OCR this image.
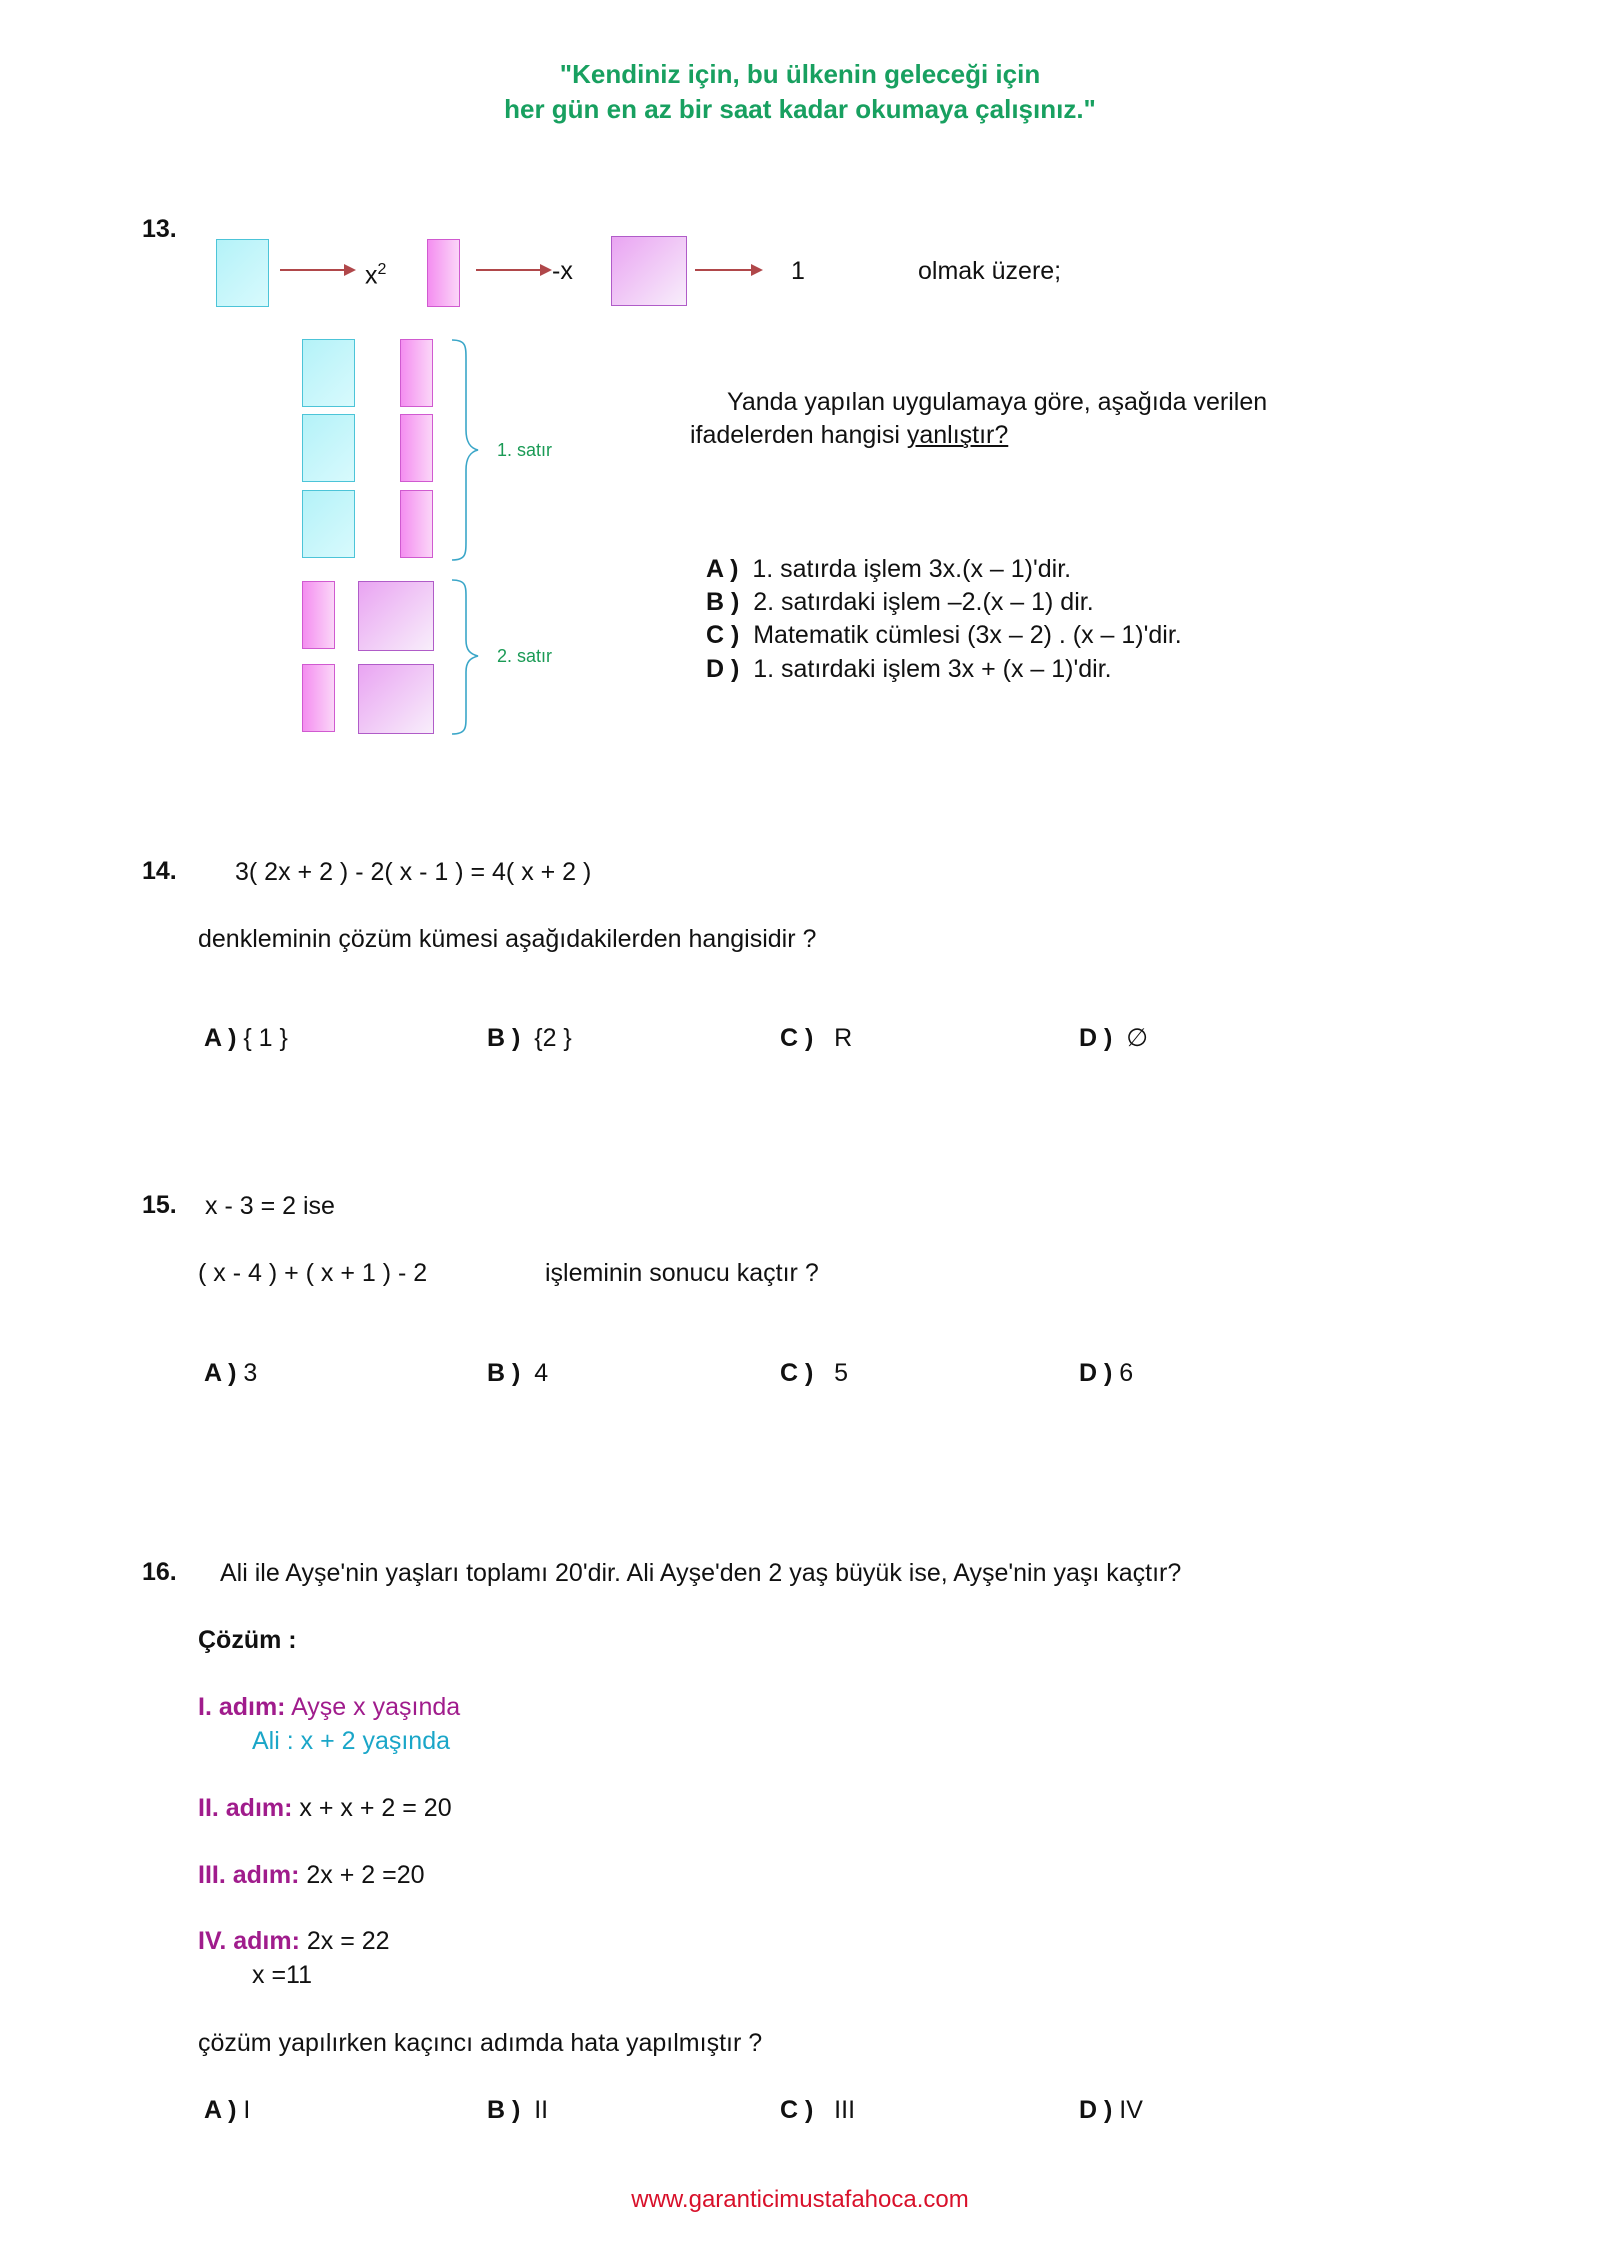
"Kendiniz için, bu ülkenin geleceği için
her gün en az bir saat kadar okumaya çalışınız."
13.
$x^2$	-x	1	olmak üzere;
1. satır
2. satır
Yanda yapılan uygulamaya göre, aşağıda verilen
ifadelerden hangisi yanlıştır?
A ) 1. satırda işlem 3x.(x – 1)'dir.
B ) 2. satırdaki işlem –2.(x – 1) dir.
C ) Matematik cümlesi (3x – 2) . (x – 1)'dir.
D ) 1. satırdaki işlem 3x + (x – 1)'dir.
14. 3( 2x + 2 ) - 2( x - 1 ) = 4( x + 2 )
denkleminin çözüm kümesi aşağıdakilerden hangisidir ?
A ) { 1 }	B ) {2 }	C ) R	D ) ∅
15. x - 3 = 2 ise
( x - 4 ) + ( x + 1 ) - 2	işleminin sonucu kaçtır ?
A ) 3	B ) 4	C ) 5	D ) 6
16. Ali ile Ayşe'nin yaşları toplamı 20'dir. Ali Ayşe'den 2 yaş büyük ise, Ayşe'nin yaşı kaçtır?
Çözüm :
I. adım: Ayşe x yaşında
Ali : x + 2 yaşında
II. adım: x + x + 2 = 20
III. adım: 2x + 2 =20
IV. adım: 2x = 22
x =11
çözüm yapılırken kaçıncı adımda hata yapılmıştır ?
A ) I	B ) II	C ) III	D ) IV
www.garanticimustafahoca.com
